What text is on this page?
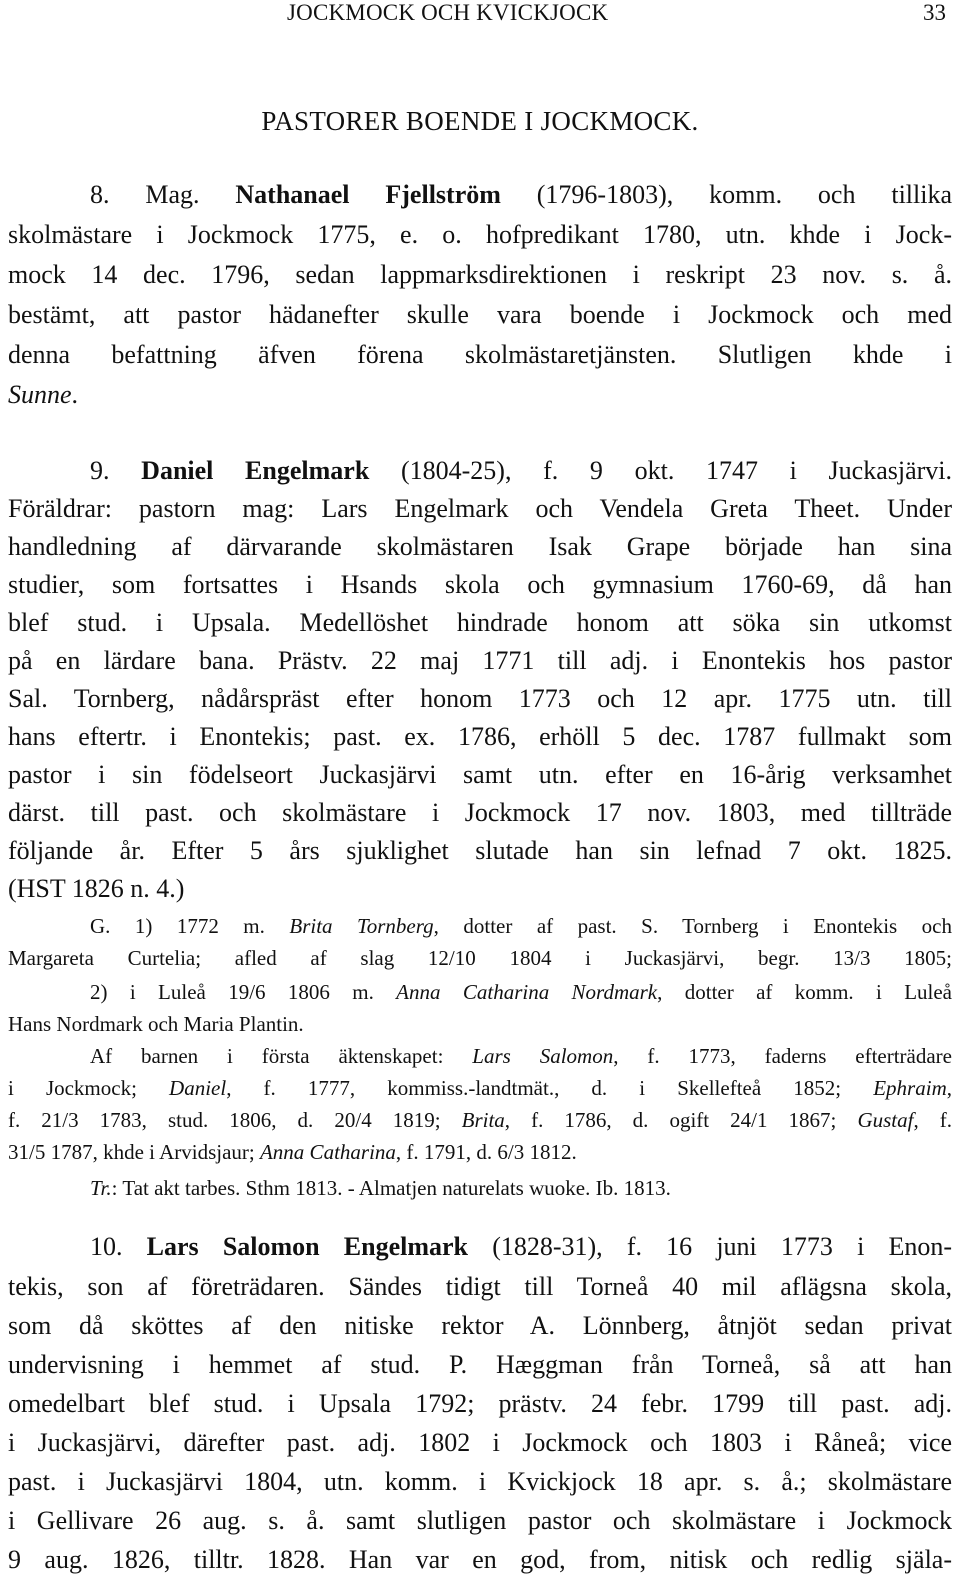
JOCKMOCK OCH KVICKJOCK	33
PASTORER BOENDE I JOCKMOCK.
8. Mag. Nathanael Fjellström (1796-1803), komm. och tillika
skolmästare i Jockmock 1775, e. o. hofpredikant 1780, utn. khde i Jock-
mock 14 dec. 1796, sedan lappmarksdirektionen i reskript 23 nov. s. å.
bestämt, att pastor hädanefter skulle vara boende i Jockmock och med
denna befattning äfven förena skolmästaretjänsten. Slutligen khde i
Sunne.
9. Daniel Engelmark (1804-25), f. 9 okt. 1747 i Juckasjärvi.
Föräldrar: pastorn mag: Lars Engelmark och Vendela Greta Theet. Under
handledning af därvarande skolmästaren Isak Grape började han sina
studier, som fortsattes i Hsands skola och gymnasium 1760-69, då han
blef stud. i Upsala. Medellöshet hindrade honom att söka sin utkomst
på en lärdare bana. Prästv. 22 maj 1771 till adj. i Enontekis hos pastor
Sal. Tornberg, nådårspräst efter honom 1773 och 12 apr. 1775 utn. till
hans eftertr. i Enontekis; past. ex. 1786, erhöll 5 dec. 1787 fullmakt som
pastor i sin födelseort Juckasjärvi samt utn. efter en 16-årig verksamhet
därst. till past. och skolmästare i Jockmock 17 nov. 1803, med tillträde
följande år. Efter 5 års sjuklighet slutade han sin lefnad 7 okt. 1825.
(HST 1826 n. 4.)
G. 1) 1772 m. Brita Tornberg, dotter af past. S. Tornberg i Enontekis och
Margareta Curtelia; afled af slag 12/10 1804 i Juckasjärvi, begr. 13/3 1805;
2) i Luleå 19/6 1806 m. Anna Catharina Nordmark, dotter af komm. i Luleå
Hans Nordmark och Maria Plantin.
Af barnen i första äktenskapet: Lars Salomon, f. 1773, faderns efterträdare
i Jockmock; Daniel, f. 1777, kommiss.-landtmät., d. i Skellefteå 1852; Ephraim,
f. 21/3 1783, stud. 1806, d. 20/4 1819; Brita, f. 1786, d. ogift 24/1 1867; Gustaf, f.
31/5 1787, khde i Arvidsjaur; Anna Catharina, f. 1791, d. 6/3 1812.
Tr.: Tat akt tarbes. Sthm 1813. - Almatjen naturelats wuoke. Ib. 1813.
10. Lars Salomon Engelmark (1828-31), f. 16 juni 1773 i Enon-
tekis, son af företrädaren. Sändes tidigt till Torneå 40 mil aflägsna skola,
som då sköttes af den nitiske rektor A. Lönnberg, åtnjöt sedan privat
undervisning i hemmet af stud. P. Hæggman från Torneå, så att han
omedelbart blef stud. i Upsala 1792; prästv. 24 febr. 1799 till past. adj.
i Juckasjärvi, därefter past. adj. 1802 i Jockmock och 1803 i Råneå; vice
past. i Juckasjärvi 1804, utn. komm. i Kvickjock 18 apr. s. å.; skolmästare
i Gellivare 26 aug. s. å. samt slutligen pastor och skolmästare i Jockmock
9 aug. 1826, tilltr. 1828. Han var en god, from, nitisk och redlig själa-
